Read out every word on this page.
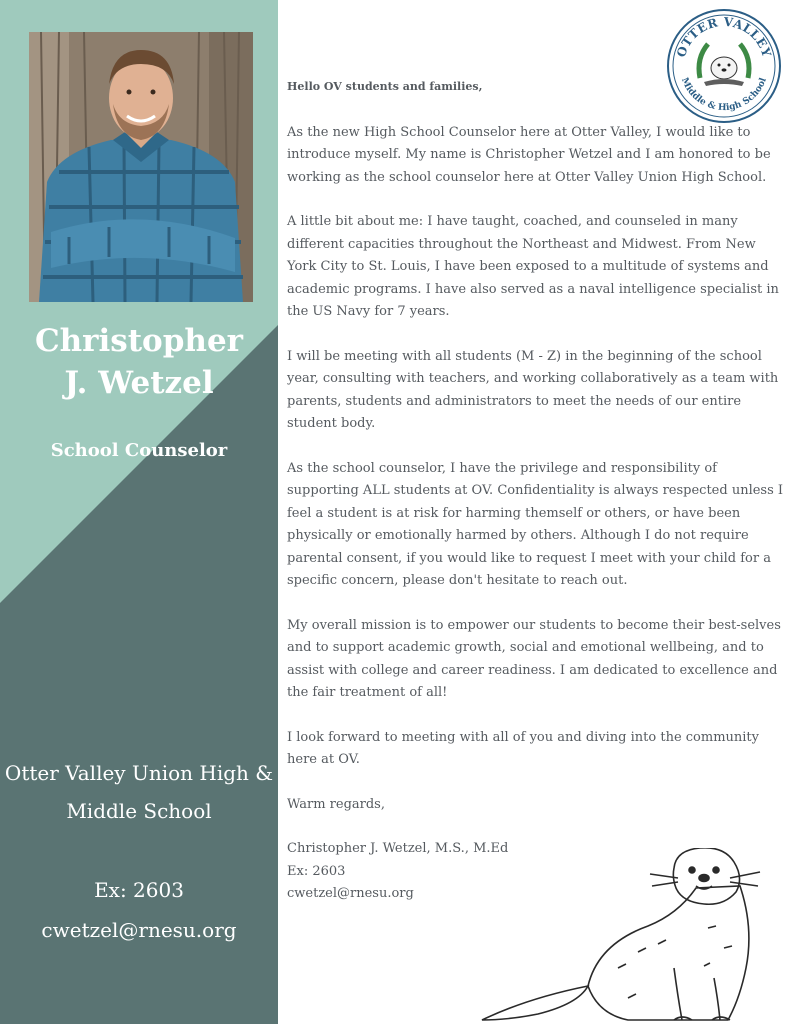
Christopher
J. Wetzel
School Counselor
Otter Valley Union High &
Middle School
Ex: 2603
cwetzel@rnesu.org
OTTER VALLEY
Middle & High School
Hello OV students and families,

As the new High School Counselor here at Otter Valley, I would like to introduce myself. My name is Christopher Wetzel and I am honored to be working as the school counselor here at Otter Valley Union High School.

A little bit about me: I have taught, coached, and counseled in many different capacities throughout the Northeast and Midwest. From New York City to St. Louis, I have been exposed to a multitude of systems and academic programs. I have also served as a naval intelligence specialist in the US Navy for 7 years.

I will be meeting with all students (M - Z) in the beginning of the school year, consulting with teachers, and working collaboratively as a team with parents, students and administrators to meet the needs of our entire student body.

As the school counselor, I have the privilege and responsibility of supporting ALL students at OV. Confidentiality is always respected unless I feel a student is at risk for harming themself or others, or have been physically or emotionally harmed by others. Although I do not require parental consent, if you would like to request I meet with your child for a specific concern, please don't hesitate to reach out.

My overall mission is to empower our students to become their best-selves and to support academic growth, social and emotional wellbeing, and to assist with college and career readiness. I am dedicated to excellence and the fair treatment of all!

I look forward to meeting with all of you and diving into the community here at OV.

Warm regards,

Christopher J. Wetzel, M.S., M.Ed

Ex: 2603

cwetzel@rnesu.org
